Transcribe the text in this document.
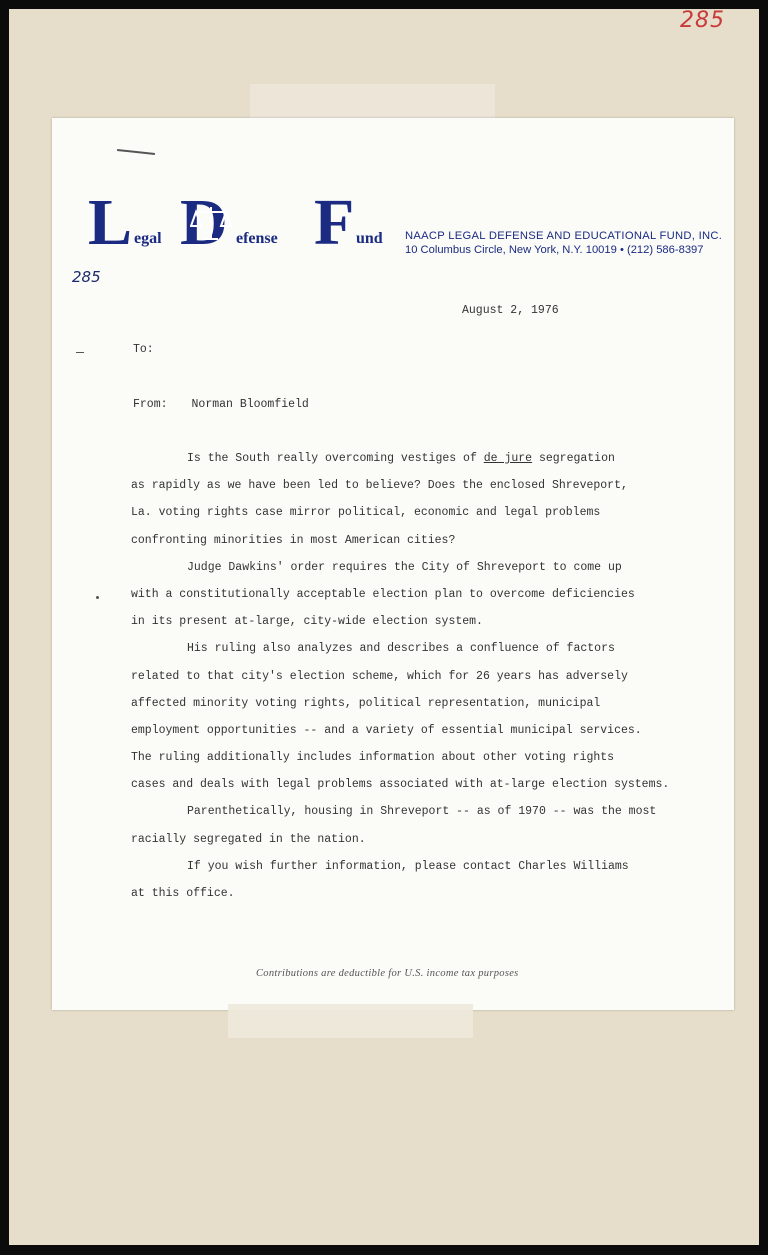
285
285
L egal D efense F und NAACP LEGAL DEFENSE AND EDUCATIONAL FUND, INC.
10 Columbus Circle, New York, N.Y. 10019 • (212) 586-8397
August 2, 1976
To:
From: Norman Bloomfield
Is the South really overcoming vestiges of de jure segregation
as rapidly as we have been led to believe? Does the enclosed Shreveport,
La. voting rights case mirror political, economic and legal problems
confronting minorities in most American cities?
Judge Dawkins' order requires the City of Shreveport to come up
with a constitutionally acceptable election plan to overcome deficiencies
in its present at-large, city-wide election system.
His ruling also analyzes and describes a confluence of factors
related to that city's election scheme, which for 26 years has adversely
affected minority voting rights, political representation, municipal
employment opportunities -- and a variety of essential municipal services.
The ruling additionally includes information about other voting rights
cases and deals with legal problems associated with at-large election systems.
Parenthetically, housing in Shreveport -- as of 1970 -- was the most
racially segregated in the nation.
If you wish further information, please contact Charles Williams
at this office.
Contributions are deductible for U.S. income tax purposes
